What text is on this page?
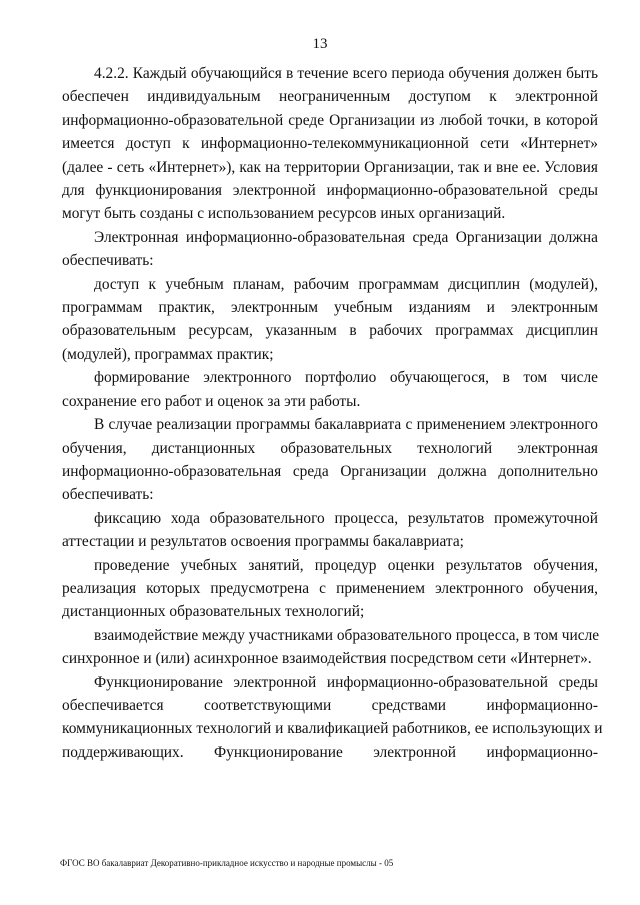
13
4.2.2. Каждый обучающийся в течение всего периода обучения должен быть
обеспечен индивидуальным неограниченным доступом к электронной
информационно-образовательной среде Организации из любой точки, в которой
имеется доступ к информационно-телекоммуникационной сети «Интернет»
(далее - сеть «Интернет»), как на территории Организации, так и вне ее. Условия
для функционирования электронной информационно-образовательной среды
могут быть созданы с использованием ресурсов иных организаций.
Электронная информационно-образовательная среда Организации должна
обеспечивать:
доступ к учебным планам, рабочим программам дисциплин (модулей),
программам практик, электронным учебным изданиям и электронным
образовательным ресурсам, указанным в рабочих программах дисциплин
(модулей), программах практик;
формирование электронного портфолио обучающегося, в том числе
сохранение его работ и оценок за эти работы.
В случае реализации программы бакалавриата с применением электронного
обучения, дистанционных образовательных технологий электронная
информационно-образовательная среда Организации должна дополнительно
обеспечивать:
фиксацию хода образовательного процесса, результатов промежуточной
аттестации и результатов освоения программы бакалавриата;
проведение учебных занятий, процедур оценки результатов обучения,
реализация которых предусмотрена с применением электронного обучения,
дистанционных образовательных технологий;
взаимодействие между участниками образовательного процесса, в том числе
синхронное и (или) асинхронное взаимодействия посредством сети «Интернет».
Функционирование электронной информационно-образовательной среды
обеспечивается соответствующими средствами информационно-
коммуникационных технологий и квалификацией работников, ее использующих и
поддерживающих. Функционирование электронной информационно-
ФГОС ВО бакалавриат Декоративно-прикладное искусство и народные промыслы - 05
